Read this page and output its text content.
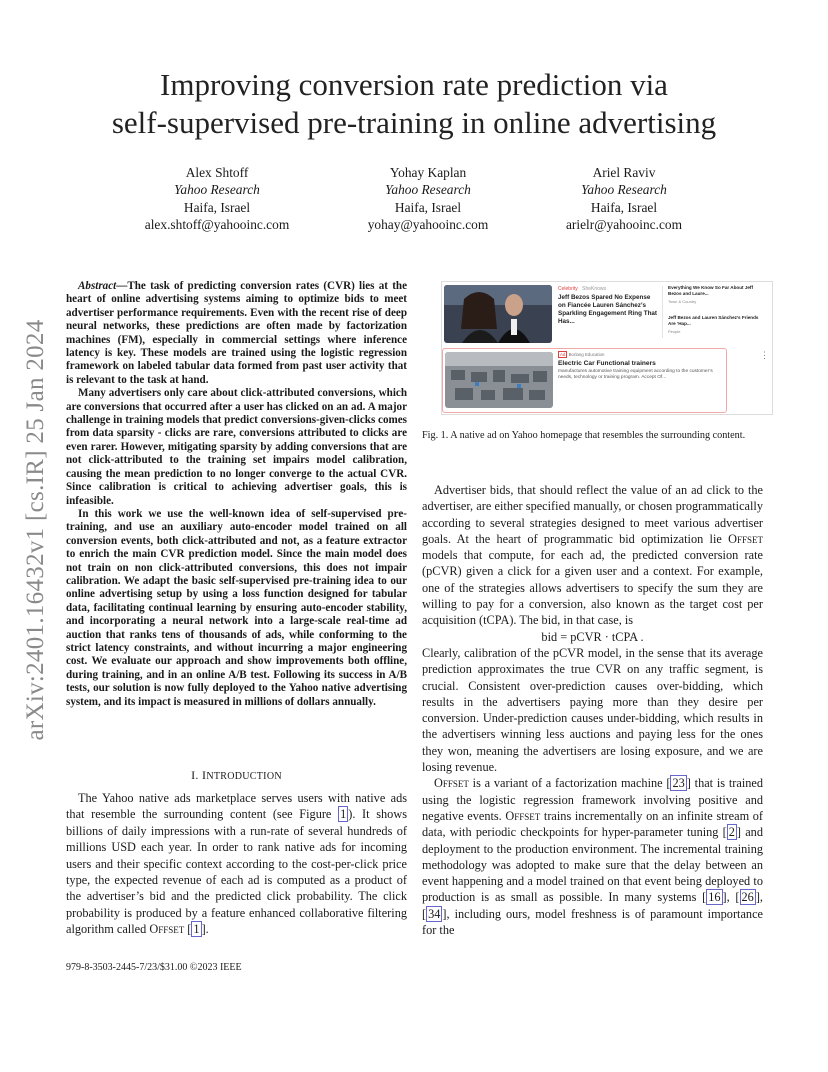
Improving conversion rate prediction via
self-supervised pre-training in online advertising
Alex Shtoff
Yahoo Research
Haifa, Israel
alex.shtoff@yahooinc.com
Yohay Kaplan
Yahoo Research
Haifa, Israel
yohay@yahooinc.com
Ariel Raviv
Yahoo Research
Haifa, Israel
arielr@yahooinc.com
arXiv:2401.16432v1 [cs.IR] 25 Jan 2024

Abstract—The task of predicting conversion rates (CVR) lies at the heart of online advertising systems aiming to optimize bids to meet advertiser performance requirements. Even with the recent rise of deep neural networks, these predictions are often made by factorization machines (FM), especially in commercial settings where inference latency is key. These models are trained using the logistic regression framework on labeled tabular data formed from past user activity that is relevant to the task at hand.

Many advertisers only care about click-attributed conversions, which are conversions that occurred after a user has clicked on an ad. A major challenge in training models that predict conversions-given-clicks comes from data sparsity - clicks are rare, conversions attributed to clicks are even rarer. However, mitigating sparsity by adding conversions that are not click-attributed to the training set impairs model calibration, causing the mean prediction to no longer converge to the actual CVR. Since calibration is critical to achieving advertiser goals, this is infeasible.

In this work we use the well-known idea of self-supervised pre-training, and use an auxiliary auto-encoder model trained on all conversion events, both click-attributed and not, as a feature extractor to enrich the main CVR prediction model. Since the main model does not train on non click-attributed conversions, this does not impair calibration. We adapt the basic self-supervised pre-training idea to our online advertising setup by using a loss function designed for tabular data, facilitating continual learning by ensuring auto-encoder stability, and incorporating a neural network into a large-scale real-time ad auction that ranks tens of thousands of ads, while conforming to the strict latency constraints, and without incurring a major engineering cost. We evaluate our approach and show improvements both offline, during training, and in an online A/B test. Following its success in A/B tests, our solution is now fully deployed to the Yahoo native advertising system, and its impact is measured in millions of dollars annually.

I. INTRODUCTION

The Yahoo native ads marketplace serves users with native ads that resemble the surrounding content (see Figure 1 ). It shows billions of daily impressions with a run-rate of several hundreds of millions USD each year. In order to rank native ads for incoming users and their specific context according to the cost-per-click price type, the expected revenue of each ad is computed as a product of the advertiser’s bid and the predicted click probability. The click probability is produced by a feature enhanced collaborative filtering algorithm called Offset [ 1 ].

979-8-3503-2445-7/23/$31.00 ©2023 IEEE
Celebrity SheKnows
Jeff Bezos Spared No Expense on Fiancée Lauren Sánchez’s Sparkling Engagement Ring That Has...
Everything We Know So Far About Jeff Bezos and Laure...
Town & Country
Jeff Bezos and Lauren Sánchez’s Friends Are ‘Hap...
People
Ad Borlang Education
Electric Car Functional trainers
manufactures automotive training equipment according to the customer’s needs, technology or training program. Accept Of...
⋮
Fig. 1. A native ad on Yahoo homepage that resembles the surrounding content.

Advertiser bids, that should reflect the value of an ad click to the advertiser, are either specified manually, or chosen programmatically according to several strategies designed to meet various advertiser goals. At the heart of programmatic bid optimization lie Offset models that compute, for each ad, the predicted conversion rate (pCVR) given a click for a given user and a context. For example, one of the strategies allows advertisers to specify the sum they are willing to pay for a conversion, also known as the target cost per acquisition (tCPA). The bid, in that case, is

bid = pCVR · tCPA .

Clearly, calibration of the pCVR model, in the sense that its average prediction approximates the true CVR on any traffic segment, is crucial. Consistent over-prediction causes over-bidding, which results in the advertisers paying more than they desire per conversion. Under-prediction causes under-bidding, which results in the advertisers winning less auctions and paying less for the ones they won, meaning the advertisers are losing exposure, and we are losing revenue.

Offset is a variant of a factorization machine [ 23 ] that is trained using the logistic regression framework involving positive and negative events. Offset trains incrementally on an infinite stream of data, with periodic checkpoints for hyper-parameter tuning [ 2 ] and deployment to the production environment. The incremental training methodology was adopted to make sure that the delay between an event happening and a model trained on that event being deployed to production is as small as possible. In many systems [ 16 ], [ 26 ], [ 34 ], including ours, model freshness is of paramount importance for the
